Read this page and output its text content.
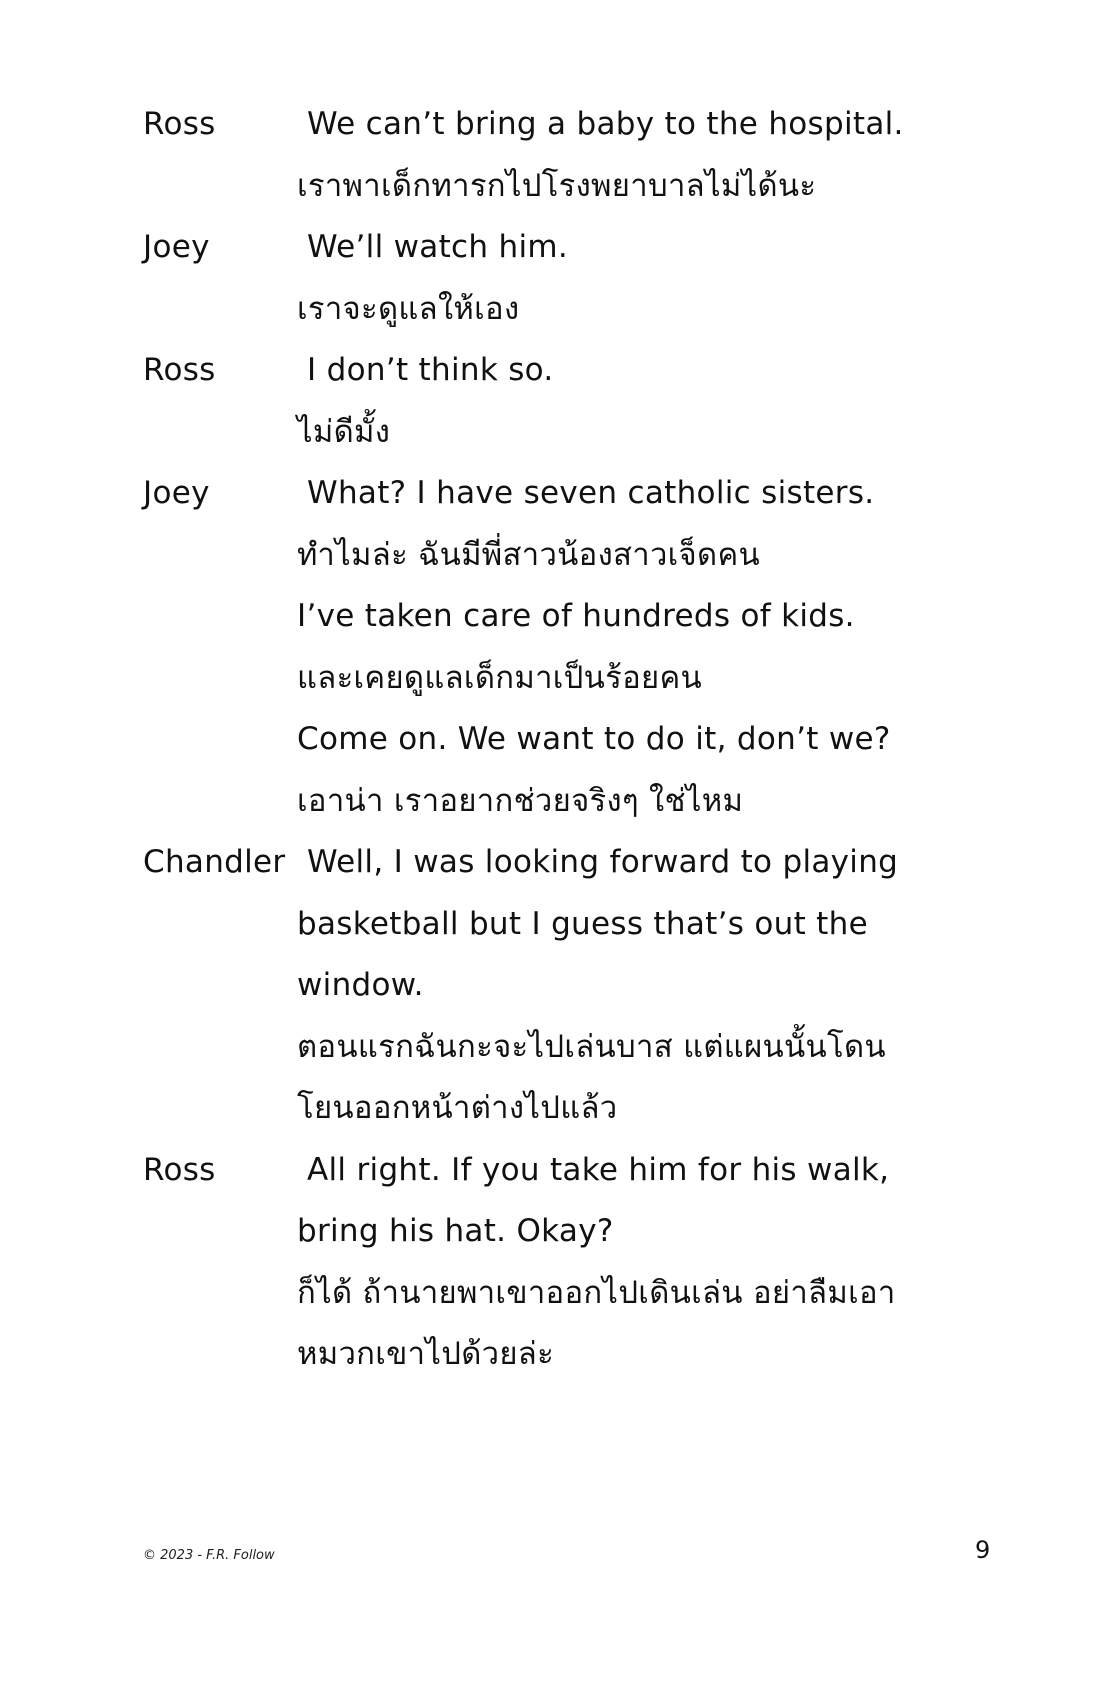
Ross	We can’t bring a baby to the hospital.
เราพาเด็กทารกไปโรงพยาบาลไม่ได้นะ
Joey	We’ll watch him.
เราจะดูแลให้เอง
Ross	I don’t think so.
ไม่ดีมั้ง
Joey	What? I have seven catholic sisters.
ทำไมล่ะ ฉันมีพี่สาวน้องสาวเจ็ดคน
I’ve taken care of hundreds of kids.
และเคยดูแลเด็กมาเป็นร้อยคน
Come on. We want to do it, don’t we?
เอาน่า เราอยากช่วยจริงๆ ใช่ไหม
Chandler Well, I was looking forward to playing
basketball but I guess that’s out the
window.
ตอนแรกฉันกะจะไปเล่นบาส แต่แผนนั้นโดน
โยนออกหน้าต่างไปแล้ว
Ross	All right. If you take him for his walk,
bring his hat. Okay?
ก็ได้ ถ้านายพาเขาออกไปเดินเล่น อย่าลืมเอา
หมวกเขาไปด้วยล่ะ
© 2023 - F.R. Follow	9
